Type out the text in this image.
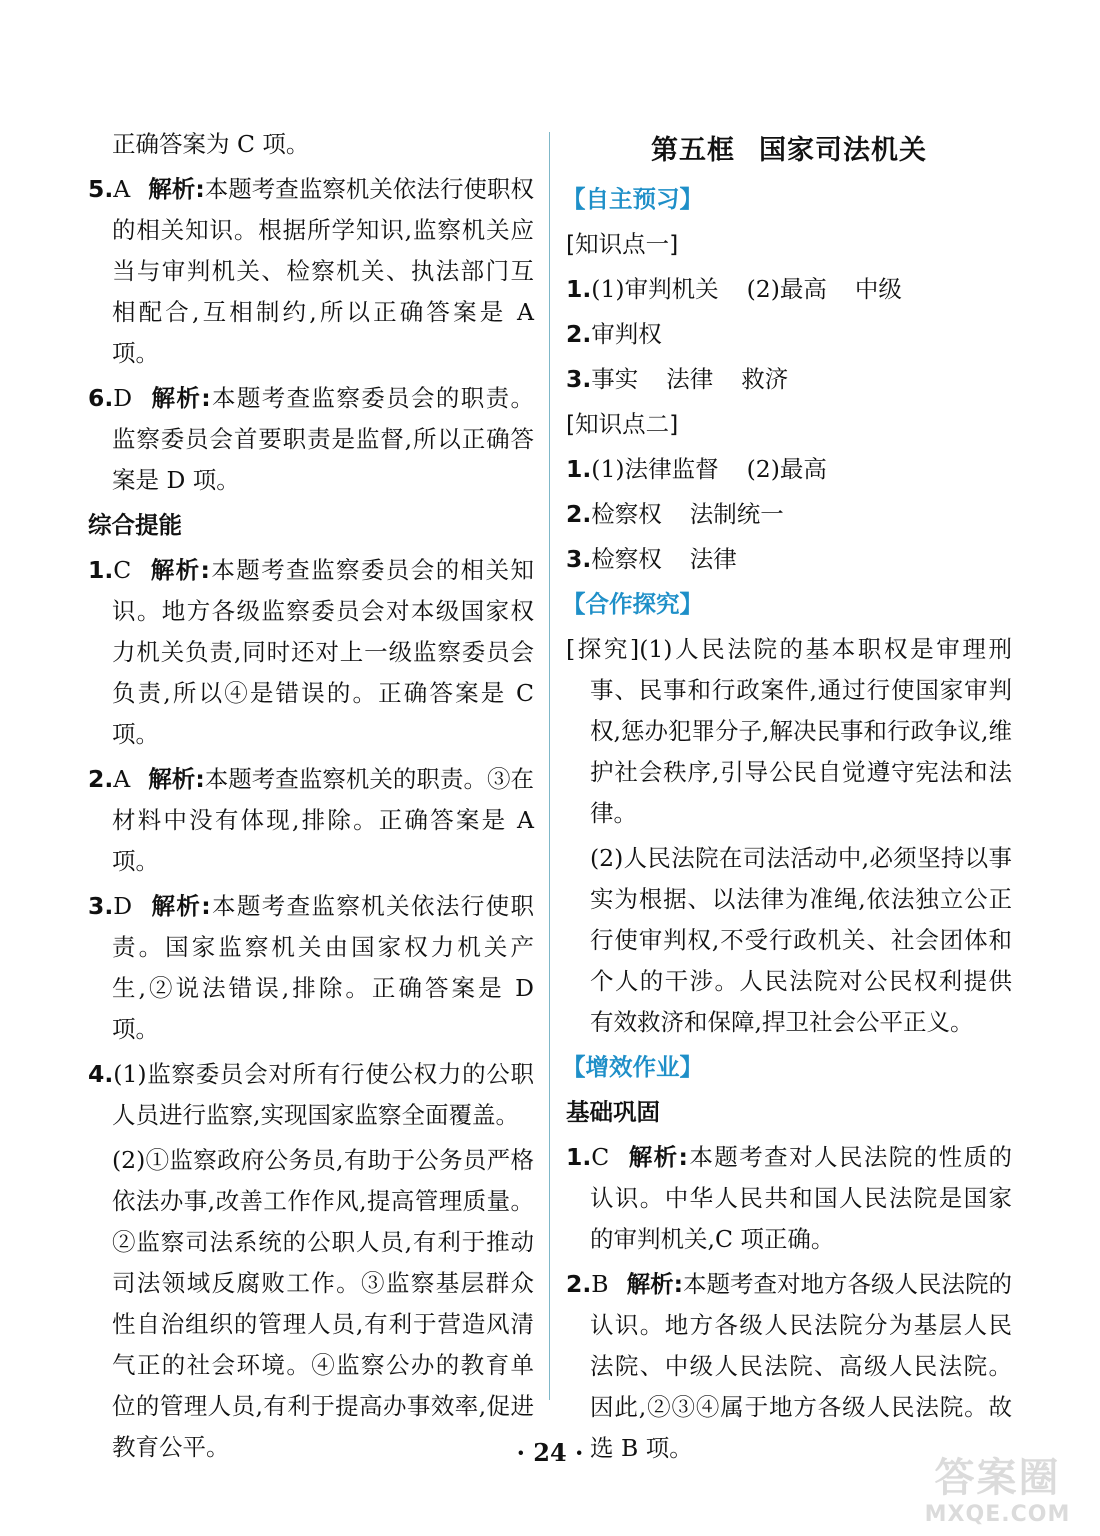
正确答案为 C 项。
5.A 解析:本题考查监察机关依法行使职权的相关知识。根据所学知识,监察机关应当与审判机关、检察机关、执法部门互相配合,互相制约,所以正确答案是 A 项。
6.D 解析:本题考查监察委员会的职责。监察委员会首要职责是监督,所以正确答案是 D 项。
综合提能
1.C 解析:本题考查监察委员会的相关知识。地方各级监察委员会对本级国家权力机关负责,同时还对上一级监察委员会负责,所以④是错误的。正确答案是 C 项。
2.A 解析:本题考查监察机关的职责。③在材料中没有体现,排除。正确答案是 A 项。
3.D 解析:本题考查监察机关依法行使职责。国家监察机关由国家权力机关产生,②说法错误,排除。正确答案是 D 项。
4.(1)监察委员会对所有行使公权力的公职人员进行监察,实现国家监察全面覆盖。
(2)①监察政府公务员,有助于公务员严格依法办事,改善工作作风,提高管理质量。②监察司法系统的公职人员,有利于推动司法领域反腐败工作。③监察基层群众性自治组织的管理人员,有利于营造风清气正的社会环境。④监察公办的教育单位的管理人员,有利于提高办事效率,促进教育公平。
第五框 国家司法机关
【自主预习】
[知识点一]
1.(1)审判机关 (2)最高 中级
2.审判权
3.事实 法律 救济
[知识点二]
1.(1)法律监督 (2)最高
2.检察权 法制统一
3.检察权 法律
【合作探究】
[探究](1)人民法院的基本职权是审理刑事、民事和行政案件,通过行使国家审判权,惩办犯罪分子,解决民事和行政争议,维护社会秩序,引导公民自觉遵守宪法和法律。
(2)人民法院在司法活动中,必须坚持以事实为根据、以法律为准绳,依法独立公正行使审判权,不受行政机关、社会团体和个人的干涉。人民法院对公民权利提供有效救济和保障,捍卫社会公平正义。
【增效作业】
基础巩固
1.C 解析:本题考查对人民法院的性质的认识。中华人民共和国人民法院是国家的审判机关,C 项正确。
2.B 解析:本题考查对地方各级人民法院的认识。地方各级人民法院分为基层人民法院、中级人民法院、高级人民法院。因此,②③④属于地方各级人民法院。故选 B 项。
· 24 ·
答案圈
MXQE.COM
